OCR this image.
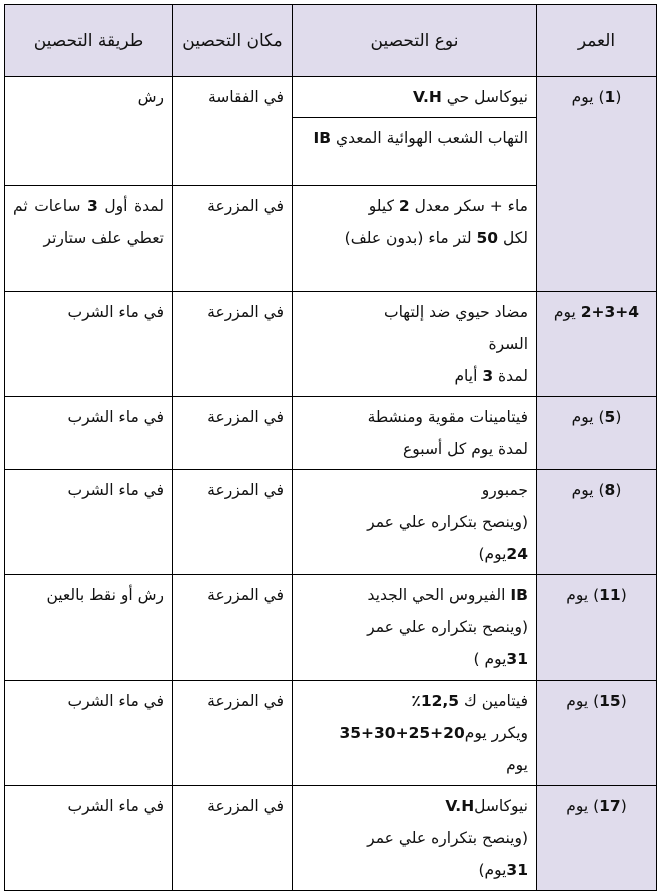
العمر	نوع التحصين	مكان التحصين	طريقة التحصين
(1) يوم	نيوكاسل حي V.H	في الفقاسة	رش
	التهاب الشعب الهوائية المعدي IB		

	ماء + سكر معدل 2 كيلو
لكل 50 لتر ماء (بدون علف)	في المزرعة	لمدة أول 3 ساعات ثم تعطي علف ستارتر
2+3+4 يوم	مضاد حيوي ضد إلتهاب
السرة
لمدة 3 أيام	في المزرعة	في ماء الشرب
(5) يوم	فيتامينات مقوية ومنشطة
لمدة يوم كل أسبوع	في المزرعة	في ماء الشرب
(8) يوم	جمبورو
(وينصح بتكراره علي عمر
24يوم)	في المزرعة	في ماء الشرب
(11) يوم	IB الفيروس الحي الجديد
(وينصح بتكراره علي عمر
31يوم )	في المزرعة	رش أو نقط بالعين
(15) يوم	فيتامين ك 12,5٪
ويكرر يوم20+25+30+35
يوم	في المزرعة	في ماء الشرب
(17) يوم	نيوكاسلV.H
(وينصح بتكراره علي عمر
31يوم)	في المزرعة	في ماء الشرب
